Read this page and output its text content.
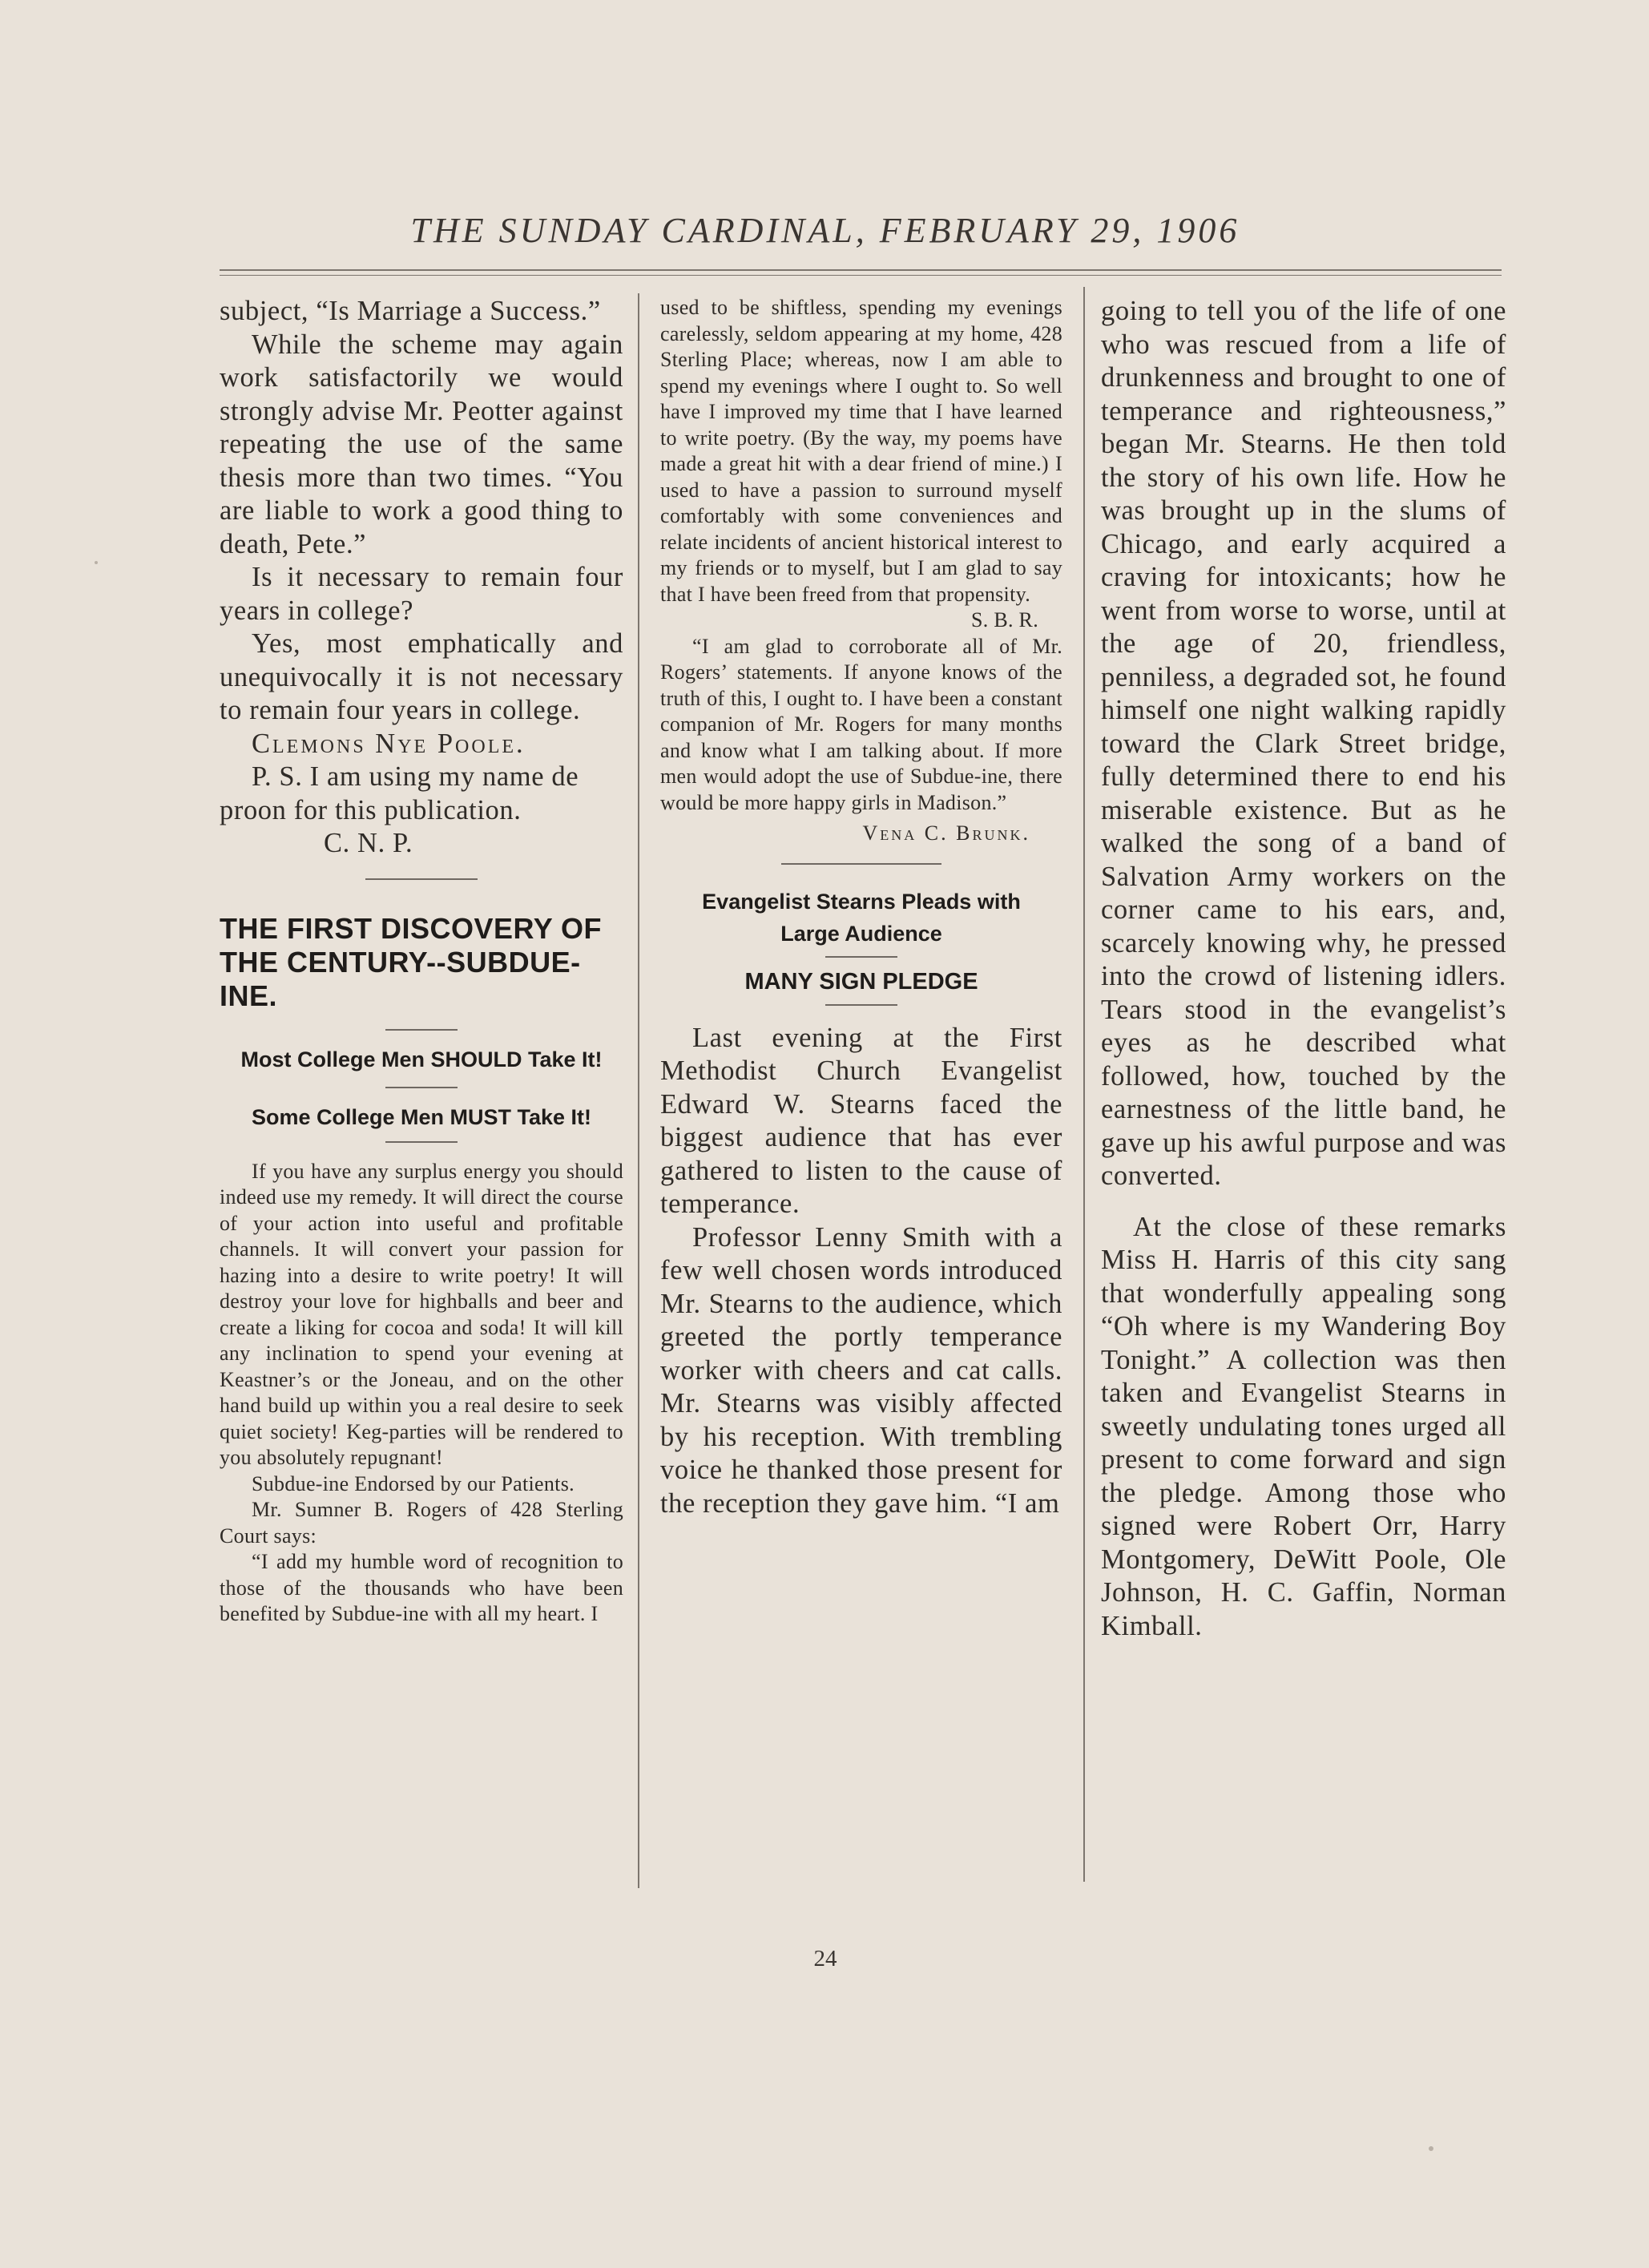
THE SUNDAY CARDINAL, FEBRUARY 29, 1906

subject, “Is Marriage a Success.”

While the scheme may again work satisfactorily we would strongly advise Mr. Peotter against repeating the use of the same thesis more than two times. “You are liable to work a good thing to death, Pete.”

Is it necessary to remain four years in college?

Yes, most emphatically and unequivocally it is not necessary to remain four years in college.

Clemons Nye Poole.

P. S. I am using my name de proon for this publication.C. N. P.

THE FIRST DISCOVERY OF THE CENTURY--SUBDUE-INE.
Most College Men SHOULD Take It!
Some College Men MUST Take It!

If you have any surplus energy you should indeed use my remedy. It will direct the course of your action into useful and profitable channels. It will convert your passion for hazing into a desire to write poetry! It will destroy your love for highballs and beer and create a liking for cocoa and soda! It will kill any inclination to spend your evening at Keastner’s or the Joneau, and on the other hand build up within you a real desire to seek quiet society! Keg-parties will be rendered to you absolutely repugnant!

Subdue-ine Endorsed by our Patients.

Mr. Sumner B. Rogers of 428 Sterling Court says:

“I add my humble word of recognition to those of the thousands who have been benefited by Subdue-ine with all my heart. I

used to be shiftless, spending my evenings carelessly, seldom appearing at my home, 428 Sterling Place; whereas, now I am able to spend my evenings where I ought to. So well have I improved my time that I have learned to write poetry. (By the way, my poems have made a great hit with a dear friend of mine.) I used to have a passion to surround myself comfortably with some conveniences and relate incidents of ancient historical interest to my friends or to myself, but I am glad to say that I have been freed from that propensity.

S. B. R.

“I am glad to corroborate all of Mr. Rogers’ statements. If anyone knows of the truth of this, I ought to. I have been a constant companion of Mr. Rogers for many months and know what I am talking about. If more men would adopt the use of Subdue-ine, there would be more happy girls in Madison.”

Vena C. Brunk.

Evangelist Stearns Pleads with Large Audience
MANY SIGN PLEDGE

Last evening at the First Methodist Church Evangelist Edward W. Stearns faced the biggest audience that has ever gathered to listen to the cause of temperance.

Professor Lenny Smith with a few well chosen words introduced Mr. Stearns to the audience, which greeted the portly temperance worker with cheers and cat calls. Mr. Stearns was visibly affected by his reception. With trembling voice he thanked those present for the reception they gave him. “I am

going to tell you of the life of one who was rescued from a life of drunkenness and brought to one of temperance and righteousness,” began Mr. Stearns. He then told the story of his own life. How he was brought up in the slums of Chicago, and early acquired a craving for intoxicants; how he went from worse to worse, until at the age of 20, friendless, penniless, a degraded sot, he found himself one night walking rapidly toward the Clark Street bridge, fully determined there to end his miserable existence. But as he walked the song of a band of Salvation Army workers on the corner came to his ears, and, scarcely knowing why, he pressed into the crowd of listening idlers. Tears stood in the evangelist’s eyes as he described what followed, how, touched by the earnestness of the little band, he gave up his awful purpose and was converted.

At the close of these remarks Miss H. Harris of this city sang that wonderfully appealing song “Oh where is my Wandering Boy Tonight.” A collection was then taken and Evangelist Stearns in sweetly undulating tones urged all present to come forward and sign the pledge. Among those who signed were Robert Orr, Harry Montgomery, DeWitt Poole, Ole Johnson, H. C. Gaffin, Norman Kimball.

24
